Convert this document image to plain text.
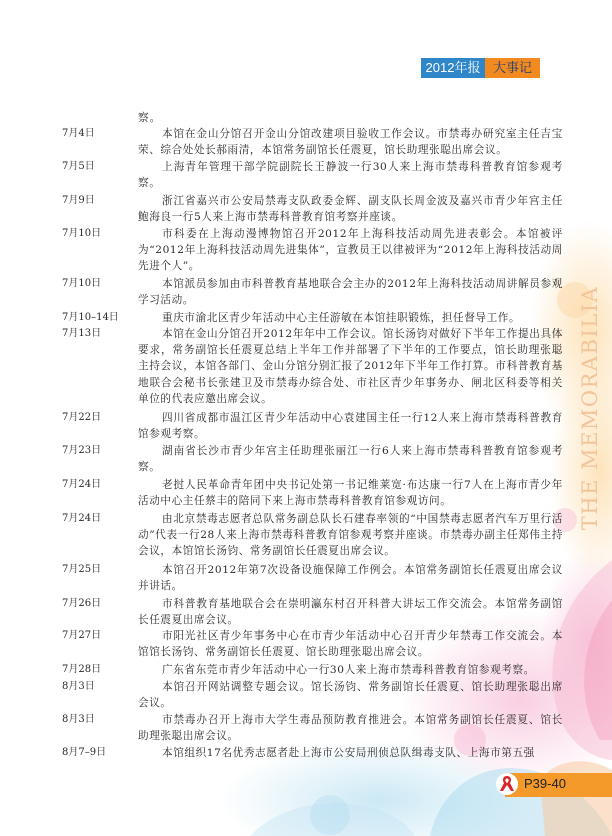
2012年报 大事记
THE MEMORABILIA
察。
7月4日	本馆在金山分馆召开金山分馆改建项目验收工作会议。市禁毒办研究室主任吉宝荣、综合处处长郝雨清，本馆常务副馆长任震夏，馆长助理张聪出席会议。
7月5日	上海青年管理干部学院副院长王静波一行30人来上海市禁毒科普教育馆参观考察。
7月9日	浙江省嘉兴市公安局禁毒支队政委金辉、副支队长周金波及嘉兴市青少年宫主任鲍海良一行5人来上海市禁毒科普教育馆考察并座谈。
7月10日	市科委在上海动漫博物馆召开2012年上海科技活动周先进表彰会。本馆被评为“2012年上海科技活动周先进集体”，宣教员王以律被评为“2012年上海科技活动周先进个人”。
7月10日	本馆派员参加由市科普教育基地联合会主办的2012年上海科技活动周讲解员参观学习活动。
7月10–14日	重庆市渝北区青少年活动中心主任游敏在本馆挂职锻炼，担任督导工作。
7月13日	本馆在金山分馆召开2012年年中工作会议。馆长汤钧对做好下半年工作提出具体要求，常务副馆长任震夏总结上半年工作并部署了下半年的工作要点，馆长助理张聪主持会议，本馆各部门、金山分馆分别汇报了2012年下半年工作打算。市科普教育基地联合会秘书长张建卫及市禁毒办综合处、市社区青少年事务办、闸北区科委等相关单位的代表应邀出席会议。
7月22日	四川省成都市温江区青少年活动中心袁建国主任一行12人来上海市禁毒科普教育馆参观考察。
7月23日	湖南省长沙市青少年宫主任助理张丽江一行6人来上海市禁毒科普教育馆参观考察。
7月24日	老挝人民革命青年团中央书记处第一书记维莱宽·布达康一行7人在上海市青少年活动中心主任蔡丰的陪同下来上海市禁毒科普教育馆参观访问。
7月24日	由北京禁毒志愿者总队常务副总队长石建春率领的“中国禁毒志愿者汽车万里行活动”代表一行28人来上海市禁毒科普教育馆参观考察并座谈。市禁毒办副主任郑伟主持会议，本馆馆长汤钧、常务副馆长任震夏出席会议。
7月25日	本馆召开2012年第7次设备设施保障工作例会。本馆常务副馆长任震夏出席会议并讲话。
7月26日	市科普教育基地联合会在崇明瀛东村召开科普大讲坛工作交流会。本馆常务副馆长任震夏出席会议。
7月27日	市阳光社区青少年事务中心在市青少年活动中心召开青少年禁毒工作交流会。本馆馆长汤钧、常务副馆长任震夏、馆长助理张聪出席会议。
7月28日	广东省东莞市青少年活动中心一行30人来上海市禁毒科普教育馆参观考察。
8月3日	本馆召开网站调整专题会议。馆长汤钧、常务副馆长任震夏、馆长助理张聪出席会议。
8月3日	市禁毒办召开上海市大学生毒品预防教育推进会。本馆常务副馆长任震夏、馆长助理张聪出席会议。
8月7–9日	本馆组织17名优秀志愿者赴上海市公安局刑侦总队缉毒支队、上海市第五强
P39-40
